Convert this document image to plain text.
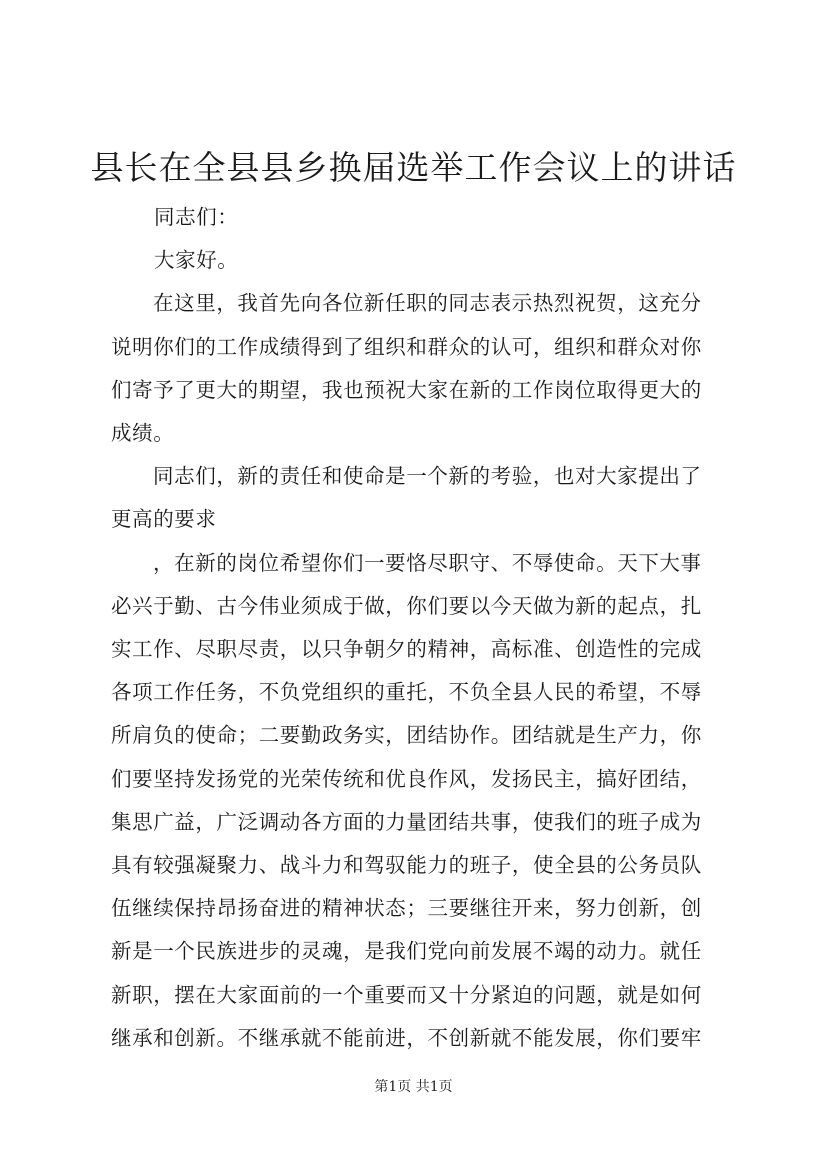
县长在全县县乡换届选举工作会议上的讲话

同志们：

大家好。

在这里，我首先向各位新任职的同志表示热烈祝贺，这充分说明你们的工作成绩得到了组织和群众的认可，组织和群众对你们寄予了更大的期望，我也预祝大家在新的工作岗位取得更大的成绩。

同志们，新的责任和使命是一个新的考验，也对大家提出了更高的要求

，在新的岗位希望你们一要恪尽职守、不辱使命。天下大事必兴于勤、古今伟业须成于做，你们要以今天做为新的起点，扎实工作、尽职尽责，以只争朝夕的精神，高标准、创造性的完成各项工作任务，不负党组织的重托，不负全县人民的希望，不辱所肩负的使命；二要勤政务实，团结协作。团结就是生产力，你们要坚持发扬党的光荣传统和优良作风，发扬民主，搞好团结，集思广益，广泛调动各方面的力量团结共事，使我们的班子成为具有较强凝聚力、战斗力和驾驭能力的班子，使全县的公务员队伍继续保持昂扬奋进的精神状态；三要继往开来，努力创新，创新是一个民族进步的灵魂，是我们党向前发展不竭的动力。就任新职，摆在大家面前的一个重要而又十分紧迫的问题，就是如何继承和创新。不继承就不能前进，不创新就不能发展，你们要牢

第1页 共1页
